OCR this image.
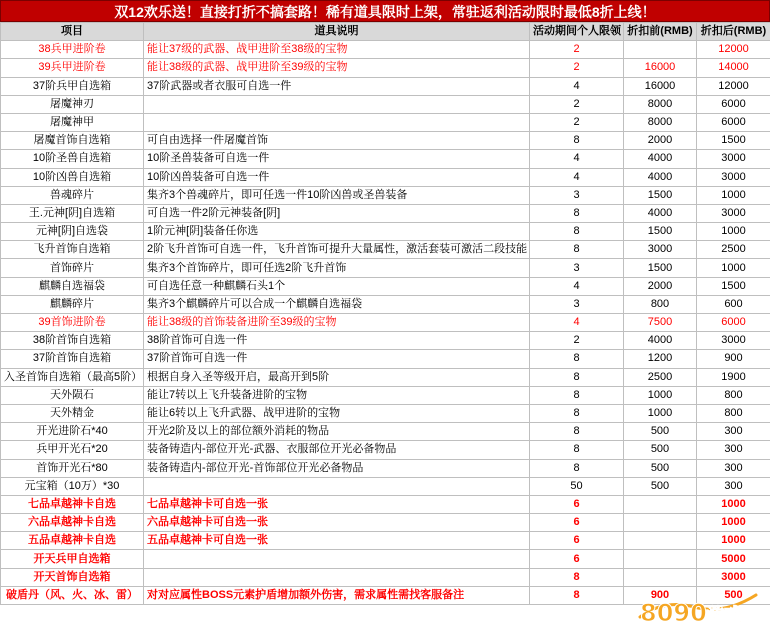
双12欢乐送！直接打折不搞套路！稀有道具限时上架，常驻返利活动限时最低8折上线！
项目	道具说明	活动期间个人限领	折扣前(RMB)	折扣后(RMB)
38兵甲进阶卷	能让37级的武器、战甲进阶至38级的宝物	2		12000
39兵甲进阶卷	能让38级的武器、战甲进阶至39级的宝物	2	16000	14000
37阶兵甲自选箱	37阶武器或者衣服可自选一件	4	16000	12000
屠魔神刃		2	8000	6000
屠魔神甲		2	8000	6000
屠魔首饰自选箱	可自由选择一件屠魔首饰	8	2000	1500
10阶圣兽自选箱	10阶圣兽装备可自选一件	4	4000	3000
10阶凶兽自选箱	10阶凶兽装备可自选一件	4	4000	3000
兽魂碎片	集齐3个兽魂碎片，即可任选一件10阶凶兽或圣兽装备	3	1500	1000
王.元神[阴]自选箱	可自选一件2阶元神装备[阴]	8	4000	3000
元神[阴]自选袋	1阶元神[阴]装备任你选	8	1500	1000
飞升首饰自选箱	2阶飞升首饰可自选一件，飞升首饰可提升大量属性，激活套装可激活二段技能	8	3000	2500
首饰碎片	集齐3个首饰碎片，即可任选2阶飞升首饰	3	1500	1000
麒麟自选福袋	可自选任意一种麒麟石头1个	4	2000	1500
麒麟碎片	集齐3个麒麟碎片可以合成一个麒麟自选福袋	3	800	600
39首饰进阶卷	能让38级的首饰装备进阶至39级的宝物	4	7500	6000
38阶首饰自选箱	38阶首饰可自选一件	2	4000	3000
37阶首饰自选箱	37阶首饰可自选一件	8	1200	900
入圣首饰自选箱（最高5阶）	根据自身入圣等级开启，最高开到5阶	8	2500	1900
天外陨石	能让7转以上飞升装备进阶的宝物	8	1000	800
天外精金	能让6转以上飞升武器、战甲进阶的宝物	8	1000	800
开光进阶石*40	开光2阶及以上的部位额外消耗的物品	8	500	300
兵甲开光石*20	装备铸造内-部位开光-武器、衣服部位开光必备物品	8	500	300
首饰开光石*80	装备铸造内-部位开光-首饰部位开光必备物品	8	500	300
元宝箱（10万）*30		50	500	300
七品卓越神卡自选	七品卓越神卡可自选一张	6		1000
六品卓越神卡自选	六品卓越神卡可自选一张	6		1000
五品卓越神卡自选	五品卓越神卡可自选一张	6		1000
开天兵甲自选箱		6		5000
开天首饰自选箱		8		3000
破盾丹（风、火、冰、雷）	对对应属性BOSS元素护盾增加额外伤害，需求属性需找客服备注	8	900	500
8090 游戏
